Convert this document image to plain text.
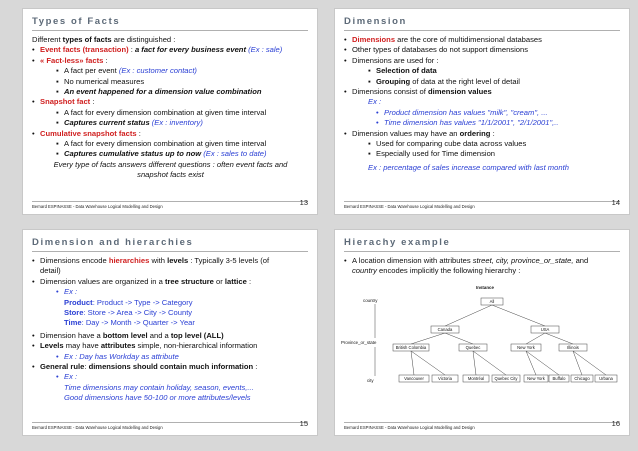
Types of Facts
Different types of facts are distinguished :
• Event facts (transaction) : a fact for every business event (Ex : sale)
• « Fact-less» facts :
▪ A fact per event (Ex : customer contact)
▪ No numerical measures
▪ An event happened for a dimension value combination
• Snapshot fact :
▪ A fact for every dimension combination at given time interval
▪ Captures current status (Ex : inventory)
• Cumulative snapshot facts :
▪ A fact for every dimension combination at given time interval
▪ Captures cumulative status up to now (Ex : sales to date)
Every type of facts answers different questions : often event facts and
snapshot facts exist
Bernard ESPINASSE - Data Warehouse Logical Modelling and Design	13
Dimension
• Dimensions are the core of multidimensional databases
• Other types of databases do not support dimensions
• Dimensions are used for :
▪ Selection of data
▪ Grouping of data at the right level of detail
• Dimensions consist of dimension values
Ex :
• Product dimension has values "milk", "cream", ...
• Time dimension has values "1/1/2001", "2/1/2001",..
• Dimension values may have an ordering :
▪ Used for comparing cube data across values
▪ Especially used for Time dimension
Ex : percentage of sales increase compared with last month
Bernard ESPINASSE - Data Warehouse Logical Modelling and Design	14
Dimension and hierarchies
• Dimensions encode hierarchies with levels : Typically 3-5 levels (of
detail)
• Dimension values are organized in a tree structure or lattice :
• Ex :
Product: Product -> Type -> Category
Store: Store -> Area -> City -> County
Time: Day -> Month -> Quarter -> Year
• Dimension have a bottom level and a top level (ALL)
• Levels may have attributes simple, non-hierarchical information
• Ex : Day has Workday as attribute
• General rule: dimensions should contain much information :
• Ex :
Time dimensions may contain holiday, season, events,...
Good dimensions have 50-100 or more attributes/levels
Bernard ESPINASSE - Data Warehouse Logical Modelling and Design	15
Hierachy example
• A location dimension with attributes street, city, province_or_state, and
country encodes implicitly the following hierarchy :
Instance
country
Province_or_state
city
All
Canada	USA
British Colombia	Quebec	New York	Illinois
Vancouver	Victoria	Montréal Quebec City New York Buffalo Chicago Urbana
Bernard ESPINASSE - Data Warehouse Logical Modelling and Design	16
